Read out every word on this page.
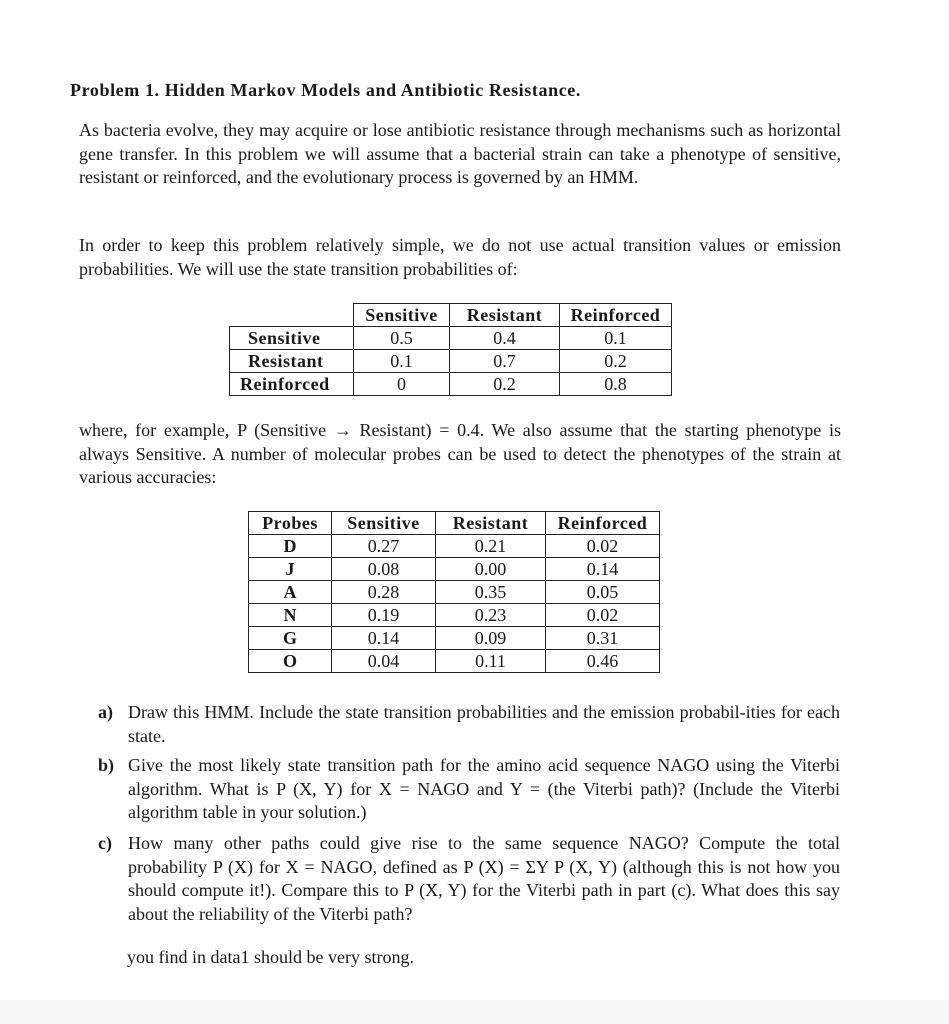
Problem 1. Hidden Markov Models and Antibiotic Resistance.

As bacteria evolve, they may acquire or lose antibiotic resistance through mechanisms such as horizontal gene transfer. In this problem we will assume that a bacterial strain can take a phenotype of sensitive, resistant or reinforced, and the evolutionary process is governed by an HMM.

In order to keep this problem relatively simple, we do not use actual transition values or emission probabilities. We will use the state transition probabilities of:

	Sensitive	Resistant	Reinforced
Sensitive	0.5	0.4	0.1
Resistant	0.1	0.7	0.2
Reinforced	0	0.2	0.8

where, for example, P (Sensitive → Resistant) = 0.4. We also assume that the starting phenotype is always Sensitive. A number of molecular probes can be used to detect the phenotypes of the strain at various accuracies:

Probes	Sensitive	Resistant	Reinforced
D	0.27	0.21	0.02
J	0.08	0.00	0.14
A	0.28	0.35	0.05
N	0.19	0.23	0.02
G	0.14	0.09	0.31
O	0.04	0.11	0.46
a) Draw this HMM. Include the state transition probabilities and the emission probabil-ities for each state.
b) Give the most likely state transition path for the amino acid sequence NAGO using the Viterbi algorithm. What is P (X, Y) for X = NAGO and Y = (the Viterbi path)? (Include the Viterbi algorithm table in your solution.)
c) How many other paths could give rise to the same sequence NAGO? Compute the total probability P (X) for X = NAGO, defined as P (X) = ΣY P (X, Y) (although this is not how you should compute it!). Compare this to P (X, Y) for the Viterbi path in part (c). What does this say about the reliability of the Viterbi path?

you find in data1 should be very strong.
